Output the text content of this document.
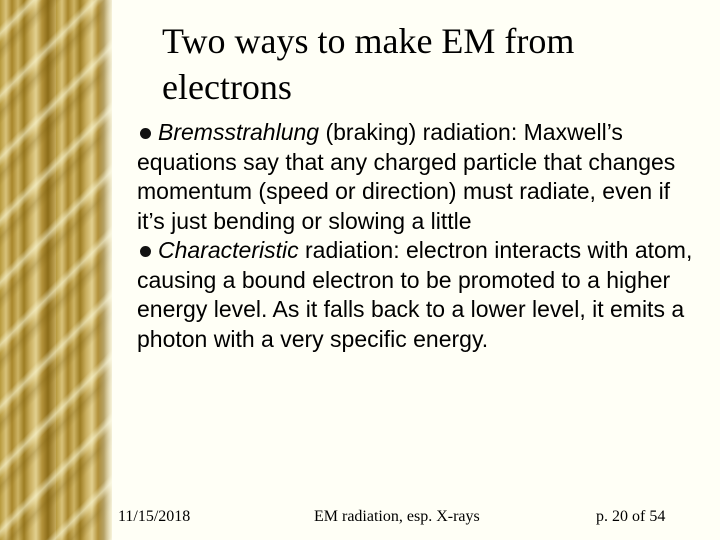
Two ways to make EM from electrons
Bremsstrahlung (braking) radiation: Maxwell’s equations say that any charged particle that changes momentum (speed or direction) must radiate, even if it’s just bending or slowing a little
Characteristic radiation: electron interacts with atom, causing a bound electron to be promoted to a higher energy level. As it falls back to a lower level, it emits a photon with a very specific energy.
11/15/2018	EM radiation, esp. X-rays	p. 20 of 54
